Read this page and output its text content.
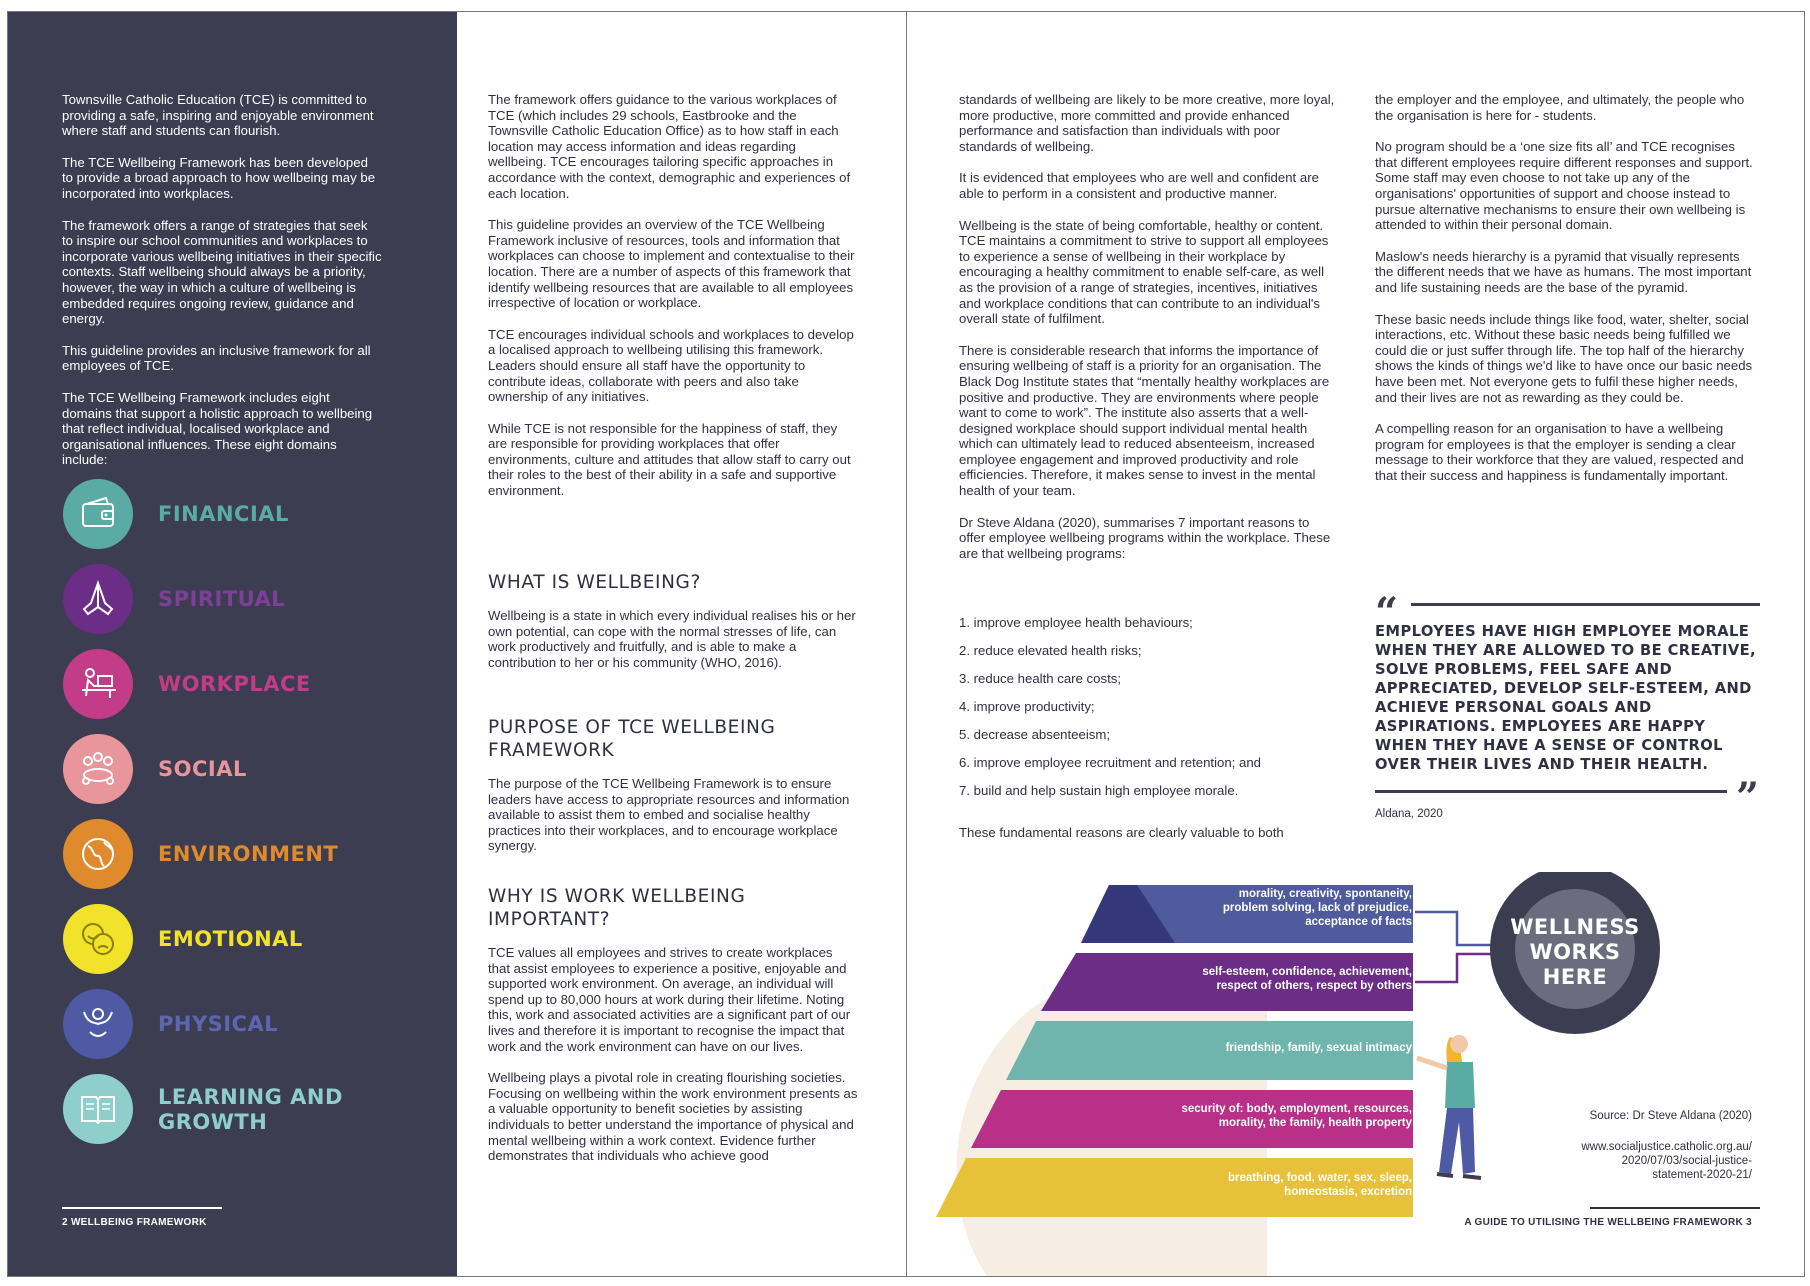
Townsville Catholic Education (TCE) is committed to providing a safe, inspiring and enjoyable environment where staff and students can flourish.

The TCE Wellbeing Framework has been developed to provide a broad approach to how wellbeing may be incorporated into workplaces.

The framework offers a range of strategies that seek to inspire our school communities and workplaces to incorporate various wellbeing initiatives in their specific contexts. Staff wellbeing should always be a priority, however, the way in which a culture of wellbeing is embedded requires ongoing review, guidance and energy.

This guideline provides an inclusive framework for all employees of TCE.

The TCE Wellbeing Framework includes eight domains that support a holistic approach to wellbeing that reflect individual, localised workplace and organisational influences. These eight domains include:

FINANCIAL
SPIRITUAL
WORKPLACE
SOCIAL
ENVIRONMENT
EMOTIONAL
PHYSICAL
LEARNING AND
GROWTH
2 WELLBEING FRAMEWORK

The framework offers guidance to the various workplaces of TCE (which includes 29 schools, Eastbrooke and the Townsville Catholic Education Office) as to how staff in each location may access information and ideas regarding wellbeing. TCE encourages tailoring specific approaches in accordance with the context, demographic and experiences of each location.

This guideline provides an overview of the TCE Wellbeing Framework inclusive of resources, tools and information that workplaces can choose to implement and contextualise to their location. There are a number of aspects of this framework that identify wellbeing resources that are available to all employees irrespective of location or workplace.

TCE encourages individual schools and workplaces to develop a localised approach to wellbeing utilising this framework. Leaders should ensure all staff have the opportunity to contribute ideas, collaborate with peers and also take ownership of any initiatives.

While TCE is not responsible for the happiness of staff, they are responsible for providing workplaces that offer environments, culture and attitudes that allow staff to carry out their roles to the best of their ability in a safe and supportive environment.

WHAT IS WELLBEING?

Wellbeing is a state in which every individual realises his or her own potential, can cope with the normal stresses of life, can work productively and fruitfully, and is able to make a contribution to her or his community (WHO, 2016).

PURPOSE OF TCE WELLBEING
FRAMEWORK

The purpose of the TCE Wellbeing Framework is to ensure leaders have access to appropriate resources and information available to assist them to embed and socialise healthy practices into their workplaces, and to encourage workplace synergy.

WHY IS WORK WELLBEING
IMPORTANT?

TCE values all employees and strives to create workplaces that assist employees to experience a positive, enjoyable and supported work environment. On average, an individual will spend up to 80,000 hours at work during their lifetime. Noting this, work and associated activities are a significant part of our lives and therefore it is important to recognise the impact that work and the work environment can have on our lives.

Wellbeing plays a pivotal role in creating flourishing societies. Focusing on wellbeing within the work environment presents as a valuable opportunity to benefit societies by assisting individuals to better understand the importance of physical and mental wellbeing within a work context. Evidence further demonstrates that individuals who achieve good

standards of wellbeing are likely to be more creative, more loyal, more productive, more committed and provide enhanced performance and satisfaction than individuals with poor standards of wellbeing.

It is evidenced that employees who are well and confident are able to perform in a consistent and productive manner.

Wellbeing is the state of being comfortable, healthy or content. TCE maintains a commitment to strive to support all employees to experience a sense of wellbeing in their workplace by encouraging a healthy commitment to enable self-care, as well as the provision of a range of strategies, incentives, initiatives and workplace conditions that can contribute to an individual's overall state of fulfilment.

There is considerable research that informs the importance of ensuring wellbeing of staff is a priority for an organisation. The Black Dog Institute states that “mentally healthy workplaces are positive and productive. They are environments where people want to come to work”. The institute also asserts that a well-designed workplace should support individual mental health which can ultimately lead to reduced absenteeism, increased employee engagement and improved productivity and role efficiencies. Therefore, it makes sense to invest in the mental health of your team.

Dr Steve Aldana (2020), summarises 7 important reasons to offer employee wellbeing programs within the workplace. These are that wellbeing programs:

1. improve employee health behaviours;
2. reduce elevated health risks;
3. reduce health care costs;
4. improve productivity;
5. decrease absenteeism;
6. improve employee recruitment and retention; and
7. build and help sustain high employee morale.
These fundamental reasons are clearly valuable to both

the employer and the employee, and ultimately, the people who the organisation is here for - students.

No program should be a ‘one size fits all’ and TCE recognises that different employees require different responses and support. Some staff may even choose to not take up any of the organisations' opportunities of support and choose instead to pursue alternative mechanisms to ensure their own wellbeing is attended to within their personal domain.

Maslow's needs hierarchy is a pyramid that visually represents the different needs that we have as humans. The most important and life sustaining needs are the base of the pyramid.

These basic needs include things like food, water, shelter, social interactions, etc. Without these basic needs being fulfilled we could die or just suffer through life. The top half of the hierarchy shows the kinds of things we'd like to have once our basic needs have been met. Not everyone gets to fulfil these higher needs, and their lives are not as rewarding as they could be.

A compelling reason for an organisation to have a wellbeing program for employees is that the employer is sending a clear message to their workforce that they are valued, respected and that their success and happiness is fundamentally important.

“
EMPLOYEES HAVE HIGH EMPLOYEE MORALE WHEN THEY ARE ALLOWED TO BE CREATIVE, SOLVE PROBLEMS, FEEL SAFE AND APPRECIATED, DEVELOP SELF-ESTEEM, AND ACHIEVE PERSONAL GOALS AND ASPIRATIONS. EMPLOYEES ARE HAPPY WHEN THEY HAVE A SENSE OF CONTROL OVER THEIR LIVES AND THEIR HEALTH.
”
Aldana, 2020
morality, creativity, spontaneity,
problem solving, lack of prejudice,
acceptance of facts
self-esteem, confidence, achievement,
respect of others, respect by others
friendship, family, sexual intimacy
security of: body, employment, resources,
morality, the family, health property
breathing, food, water, sex, sleep,
homeostasis, excretion
WELLNESS
WORKS
HERE
Source: Dr Steve Aldana (2020)
www.socialjustice.catholic.org.au/
2020/07/03/social-justice-
statement-2020-21/
A GUIDE TO UTILISING THE WELLBEING FRAMEWORK 3
